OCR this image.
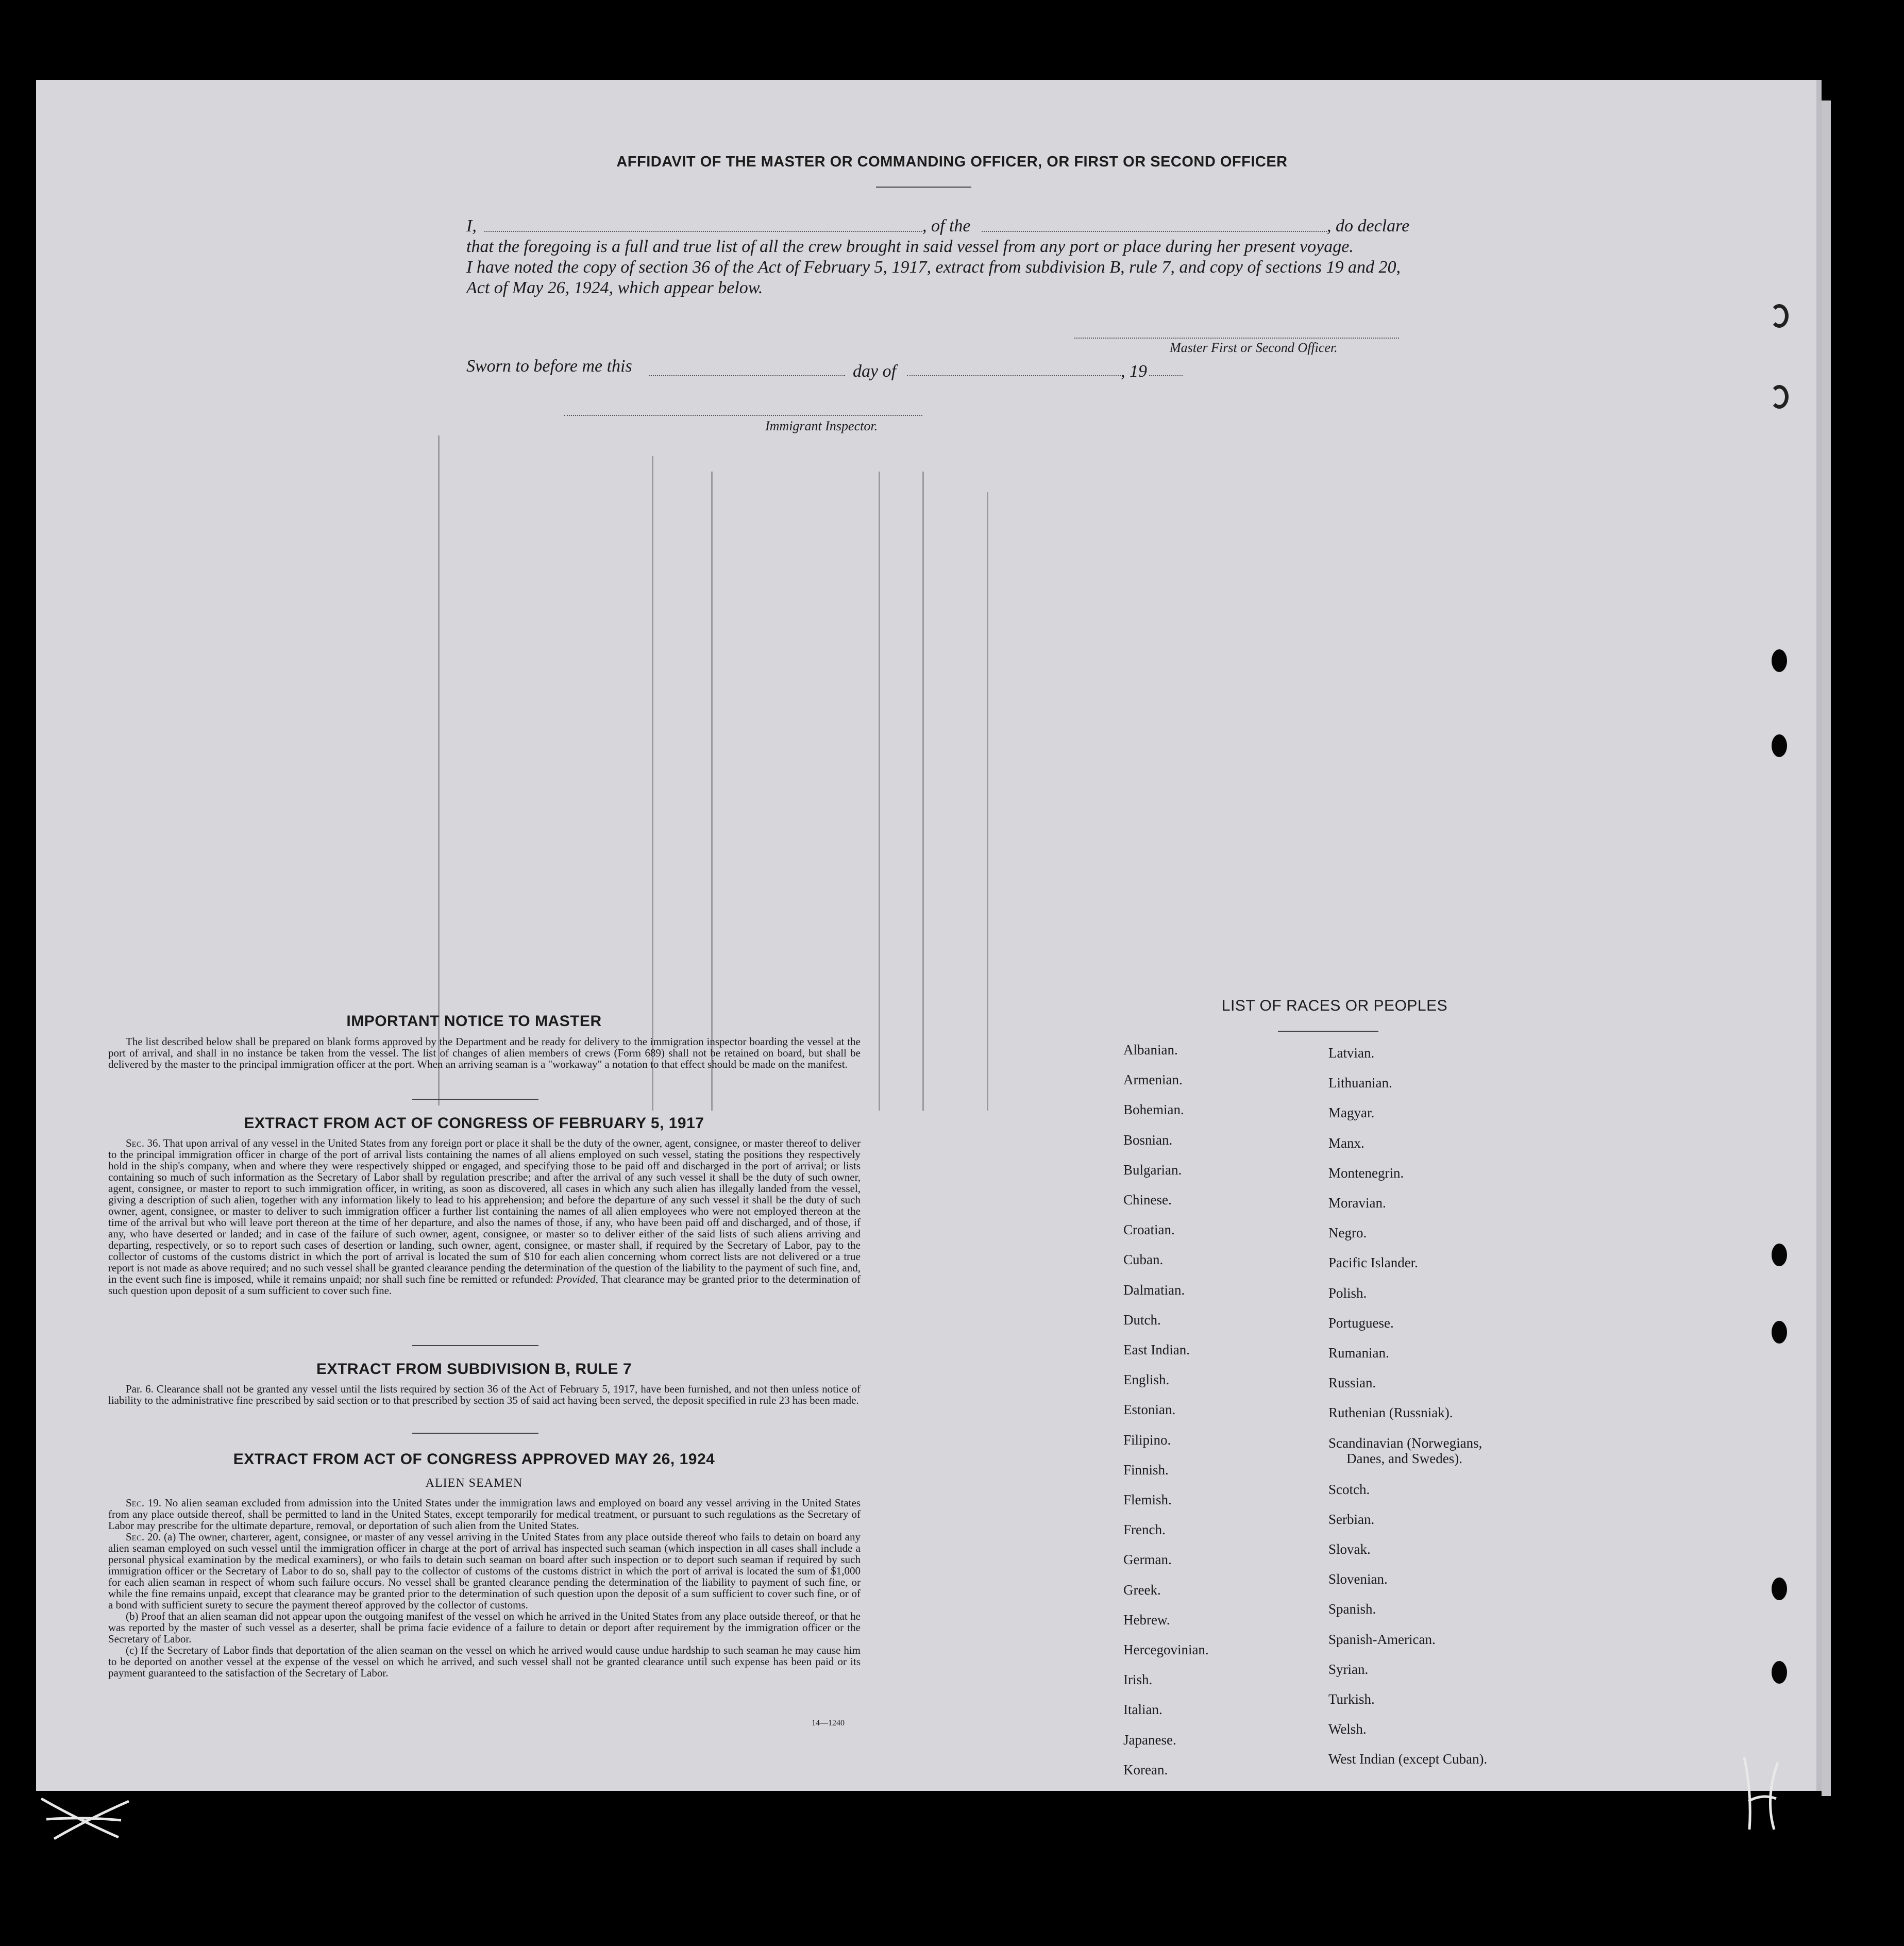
AFFIDAVIT OF THE MASTER OR COMMANDING OFFICER, OR FIRST OR SECOND OFFICER
I,	, of the	, do declare
that the foregoing is a full and true list of all the crew brought in said vessel from any port or place during her present voyage.
I have noted the copy of section 36 of the Act of February 5, 1917, extract from subdivision B, rule 7, and copy of sections 19 and 20,
Act of May 26, 1924, which appear below.
Master First or Second Officer.
Sworn to before me this	day of	, 19
Immigrant Inspector.
IMPORTANT NOTICE TO MASTER

The list described below shall be prepared on blank forms approved by the Department and be ready for delivery to the immigration inspector boarding the vessel at the port of arrival, and shall in no instance be taken from the vessel. The list of changes of alien members of crews (Form 689) shall not be retained on board, but shall be delivered by the master to the principal immigration officer at the port. When an arriving seaman is a "workaway" a notation to that effect should be made on the manifest.

EXTRACT FROM ACT OF CONGRESS OF FEBRUARY 5, 1917

Sec. 36. That upon arrival of any vessel in the United States from any foreign port or place it shall be the duty of the owner, agent, consignee, or master thereof to deliver to the principal immigration officer in charge of the port of arrival lists containing the names of all aliens employed on such vessel, stating the positions they respectively hold in the ship's company, when and where they were respectively shipped or engaged, and specifying those to be paid off and discharged in the port of arrival; or lists containing so much of such information as the Secretary of Labor shall by regulation prescribe; and after the arrival of any such vessel it shall be the duty of such owner, agent, consignee, or master to report to such immigration officer, in writing, as soon as discovered, all cases in which any such alien has illegally landed from the vessel, giving a description of such alien, together with any information likely to lead to his apprehension; and before the departure of any such vessel it shall be the duty of such owner, agent, consignee, or master to deliver to such immigration officer a further list containing the names of all alien employees who were not employed thereon at the time of the arrival but who will leave port thereon at the time of her departure, and also the names of those, if any, who have been paid off and discharged, and of those, if any, who have deserted or landed; and in case of the failure of such owner, agent, consignee, or master so to deliver either of the said lists of such aliens arriving and departing, respectively, or so to report such cases of desertion or landing, such owner, agent, consignee, or master shall, if required by the Secretary of Labor, pay to the collector of customs of the customs district in which the port of arrival is located the sum of $10 for each alien concerning whom correct lists are not delivered or a true report is not made as above required; and no such vessel shall be granted clearance pending the determination of the question of the liability to the payment of such fine, and, in the event such fine is imposed, while it remains unpaid; nor shall such fine be remitted or refunded: Provided, That clearance may be granted prior to the determination of such question upon deposit of a sum sufficient to cover such fine.

EXTRACT FROM SUBDIVISION B, RULE 7

Par. 6. Clearance shall not be granted any vessel until the lists required by section 36 of the Act of February 5, 1917, have been furnished, and not then unless notice of liability to the administrative fine prescribed by said section or to that prescribed by section 35 of said act having been served, the deposit specified in rule 23 has been made.

EXTRACT FROM ACT OF CONGRESS APPROVED MAY 26, 1924
ALIEN SEAMEN

Sec. 19. No alien seaman excluded from admission into the United States under the immigration laws and employed on board any vessel arriving in the United States from any place outside thereof, shall be permitted to land in the United States, except temporarily for medical treatment, or pursuant to such regulations as the Secretary of Labor may prescribe for the ultimate departure, removal, or deportation of such alien from the United States.

Sec. 20. (a) The owner, charterer, agent, consignee, or master of any vessel arriving in the United States from any place outside thereof who fails to detain on board any alien seaman employed on such vessel until the immigration officer in charge at the port of arrival has inspected such seaman (which inspection in all cases shall include a personal physical examination by the medical examiners), or who fails to detain such seaman on board after such inspection or to deport such seaman if required by such immigration officer or the Secretary of Labor to do so, shall pay to the collector of customs of the customs district in which the port of arrival is located the sum of $1,000 for each alien seaman in respect of whom such failure occurs. No vessel shall be granted clearance pending the determination of the liability to payment of such fine, or while the fine remains unpaid, except that clearance may be granted prior to the determination of such question upon the deposit of a sum sufficient to cover such fine, or of a bond with sufficient surety to secure the payment thereof approved by the collector of customs.

(b) Proof that an alien seaman did not appear upon the outgoing manifest of the vessel on which he arrived in the United States from any place outside thereof, or that he was reported by the master of such vessel as a deserter, shall be prima facie evidence of a failure to detain or deport after requirement by the immigration officer or the Secretary of Labor.

(c) If the Secretary of Labor finds that deportation of the alien seaman on the vessel on which he arrived would cause undue hardship to such seaman he may cause him to be deported on another vessel at the expense of the vessel on which he arrived, and such vessel shall not be granted clearance until such expense has been paid or its payment guaranteed to the satisfaction of the Secretary of Labor.

14—1240
LIST OF RACES OR PEOPLES
Albanian.
Armenian.
Bohemian.
Bosnian.
Bulgarian.
Chinese.
Croatian.
Cuban.
Dalmatian.
Dutch.
East Indian.
English.
Estonian.
Filipino.
Finnish.
Flemish.
French.
German.
Greek.
Hebrew.
Hercegovinian.
Irish.
Italian.
Japanese.
Korean.
Latvian.
Lithuanian.
Magyar.
Manx.
Montenegrin.
Moravian.
Negro.
Pacific Islander.
Polish.
Portuguese.
Rumanian.
Russian.
Ruthenian (Russniak).
Scandinavian (Norwegians,
Danes, and Swedes).
Scotch.
Serbian.
Slovak.
Slovenian.
Spanish.
Spanish-American.
Syrian.
Turkish.
Welsh.
West Indian (except Cuban).
